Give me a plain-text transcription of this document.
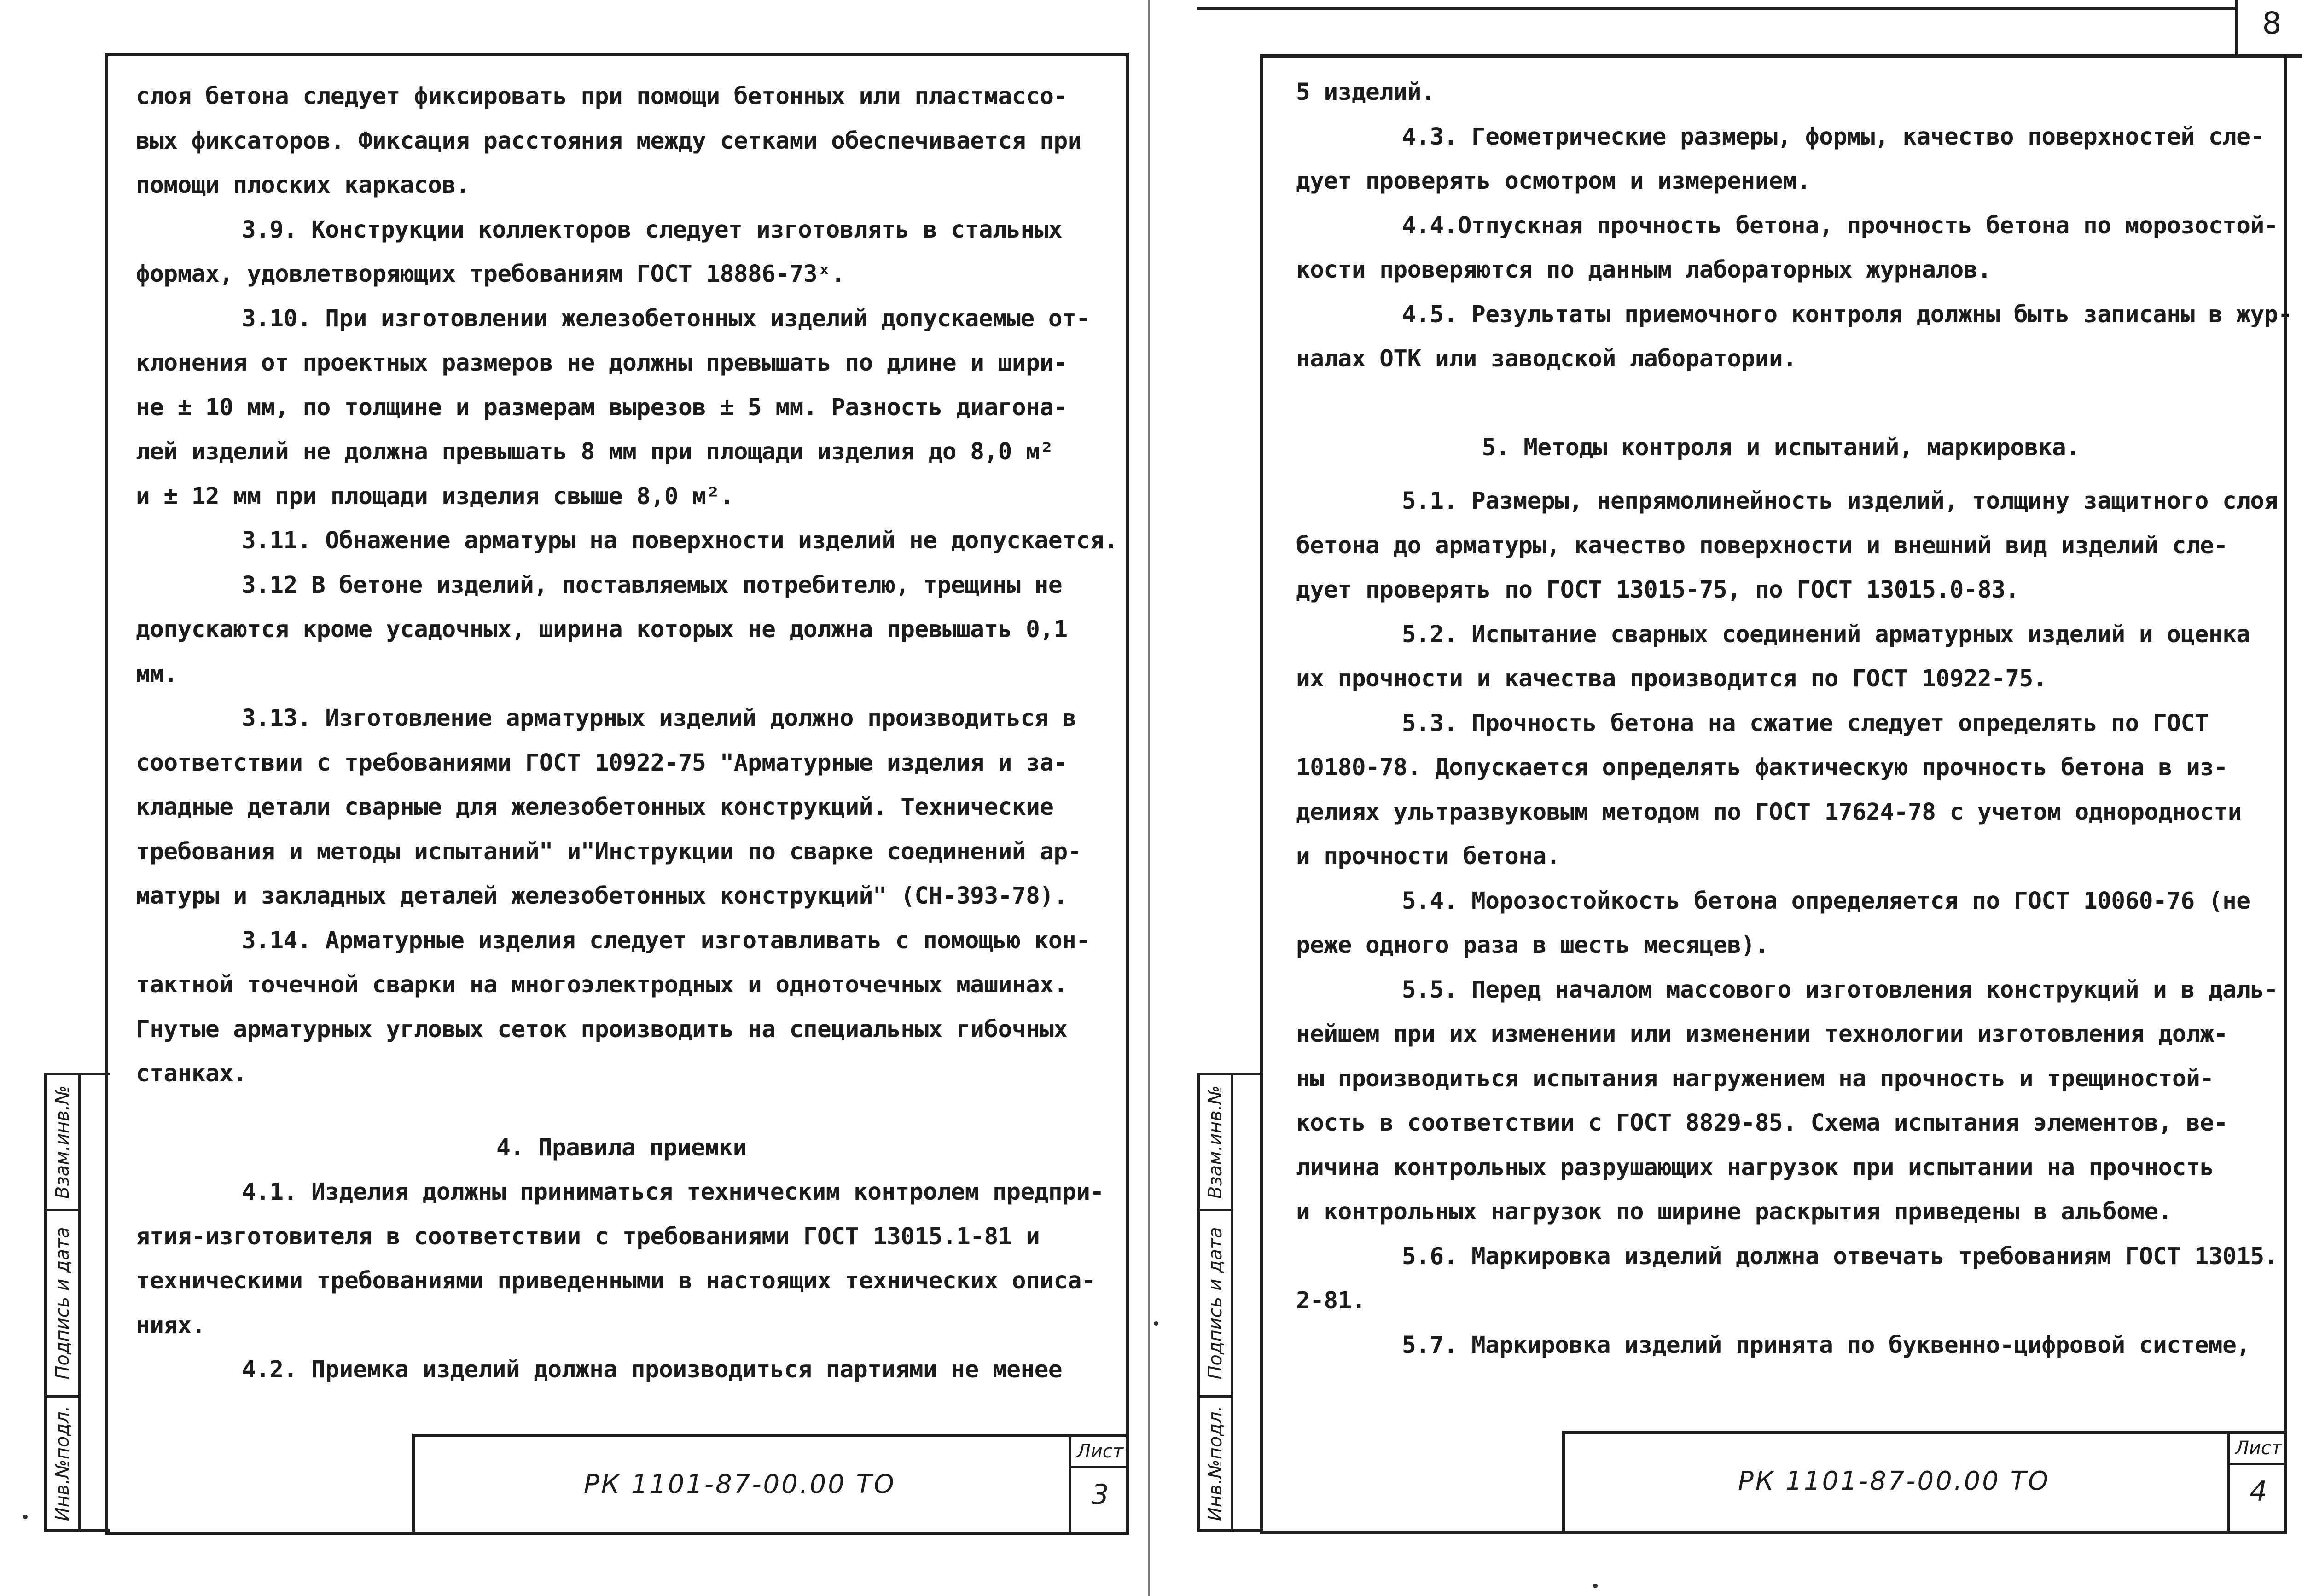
8

слоя бетона следует фиксировать при помощи бетонных или пластмассо-

вых фиксаторов. Фиксация расстояния между сетками обеспечивается при

помощи плоских каркасов.

3.9. Конструкции коллекторов следует изготовлять в стальных

формах, удовлетворяющих требованиям ГОСТ 18886-73ˣ.

3.10. При изготовлении железобетонных изделий допускаемые от-

клонения от проектных размеров не должны превышать по длине и шири-

не ± 10 мм, по толщине и размерам вырезов ± 5 мм. Разность диагона-

лей изделий не должна превышать 8 мм при площади изделия до 8,0 м²

и ± 12 мм при площади изделия свыше 8,0 м².

3.11. Обнажение арматуры на поверхности изделий не допускается.

3.12 В бетоне изделий, поставляемых потребителю, трещины не

допускаются кроме усадочных, ширина которых не должна превышать 0,1

мм.

3.13. Изготовление арматурных изделий должно производиться в

соответствии с требованиями ГОСТ 10922-75 "Арматурные изделия и за-

кладные детали сварные для железобетонных конструкций. Технические

требования и методы испытаний" и"Инструкции по сварке соединений ар-

матуры и закладных деталей железобетонных конструкций" (СН-393-78).

3.14. Арматурные изделия следует изготавливать с помощью кон-

тактной точечной сварки на многоэлектродных и одноточечных машинах.

Гнутые арматурных угловых сеток производить на специальных гибочных

станках.

4. Правила приемки

4.1. Изделия должны приниматься техническим контролем предпри-

ятия-изготовителя в соответствии с требованиями ГОСТ 13015.1-81 и

техническими требованиями приведенными в настоящих технических описа-

ниях.

4.2. Приемка изделий должна производиться партиями не менее

РК 1101-87-00.00 ТО
Лист
3
Взам.инв.№
Подпись и дата
Инв.№подл.

5 изделий.

4.3. Геометрические размеры, формы, качество поверхностей сле-

дует проверять осмотром и измерением.

4.4.Отпускная прочность бетона, прочность бетона по морозостой-

кости проверяются по данным лабораторных журналов.

4.5. Результаты приемочного контроля должны быть записаны в жур-

налах ОТК или заводской лаборатории.

5. Методы контроля и испытаний, маркировка.

5.1. Размеры, непрямолинейность изделий, толщину защитного слоя

бетона до арматуры, качество поверхности и внешний вид изделий сле-

дует проверять по ГОСТ 13015-75, по ГОСТ 13015.0-83.

5.2. Испытание сварных соединений арматурных изделий и оценка

их прочности и качества производится по ГОСТ 10922-75.

5.3. Прочность бетона на сжатие следует определять по ГОСТ

10180-78. Допускается определять фактическую прочность бетона в из-

делиях ультразвуковым методом по ГОСТ 17624-78 с учетом однородности

и прочности бетона.

5.4. Морозостойкость бетона определяется по ГОСТ 10060-76 (не

реже одного раза в шесть месяцев).

5.5. Перед началом массового изготовления конструкций и в даль-

нейшем при их изменении или изменении технологии изготовления долж-

ны производиться испытания нагружением на прочность и трещиностой-

кость в соответствии с ГОСТ 8829-85. Схема испытания элементов, ве-

личина контрольных разрушающих нагрузок при испытании на прочность

и контрольных нагрузок по ширине раскрытия приведены в альбоме.

5.6. Маркировка изделий должна отвечать требованиям ГОСТ 13015.

2-81.

5.7. Маркировка изделий принята по буквенно-цифровой системе,

РК 1101-87-00.00 ТО
Лист
4
Взам.инв.№
Подпись и дата
Инв.№подл.
